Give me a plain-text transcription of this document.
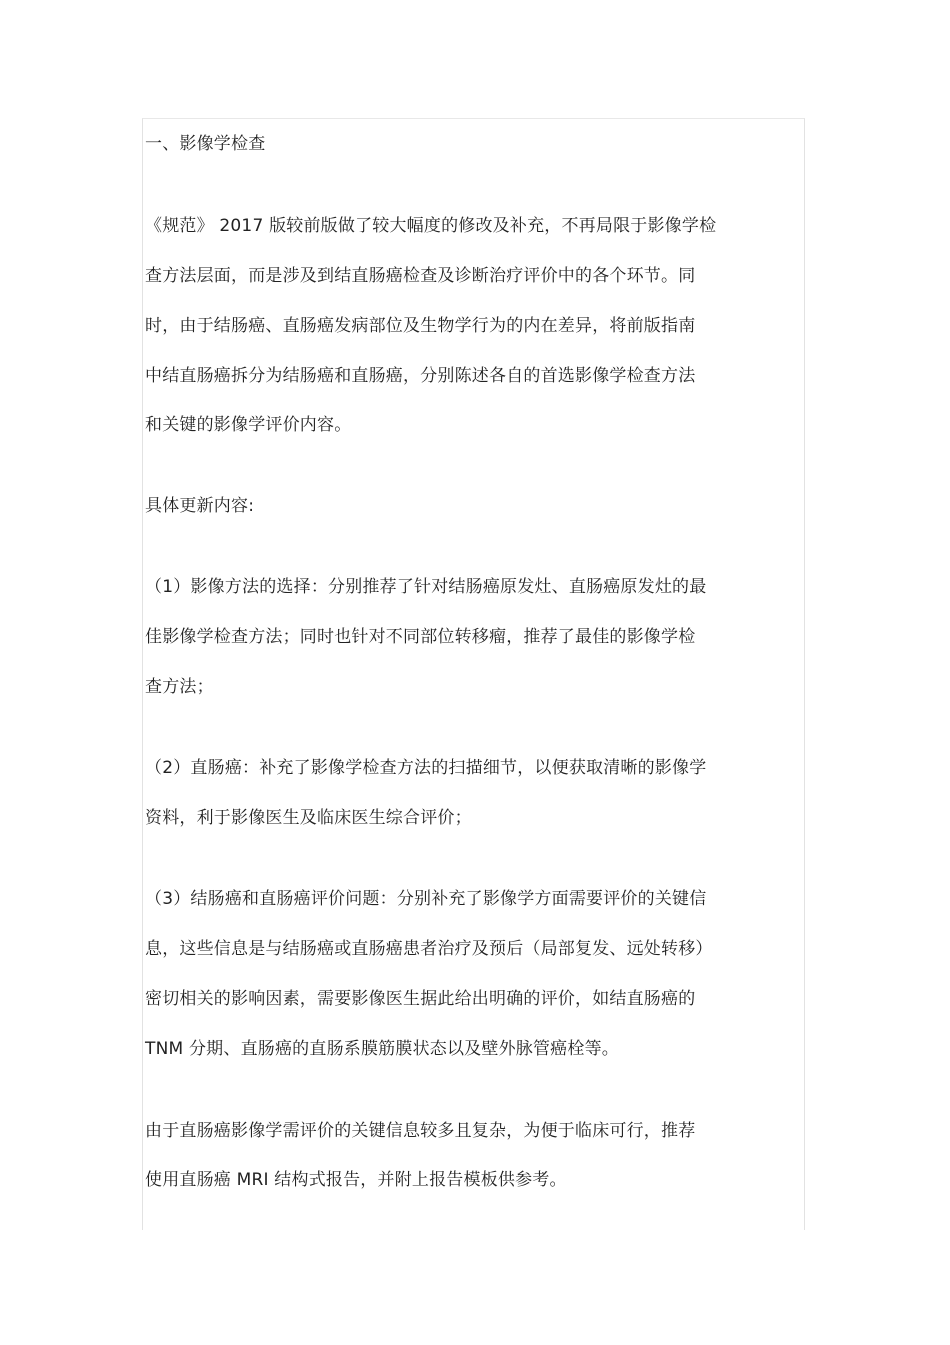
一、影像学检查
《规范》 2017 版较前版做了较大幅度的修改及补充，不再局限于影像学检
查方法层面，而是涉及到结直肠癌检查及诊断治疗评价中的各个环节。同
时，由于结肠癌、直肠癌发病部位及生物学行为的内在差异，将前版指南
中结直肠癌拆分为结肠癌和直肠癌，分别陈述各自的首选影像学检查方法
和关键的影像学评价内容。
具体更新内容:
（1）影像方法的选择：分别推荐了针对结肠癌原发灶、直肠癌原发灶的最
佳影像学检查方法；同时也针对不同部位转移瘤，推荐了最佳的影像学检
查方法；
（2）直肠癌：补充了影像学检查方法的扫描细节，以便获取清晰的影像学
资料，利于影像医生及临床医生综合评价；
（3）结肠癌和直肠癌评价问题：分别补充了影像学方面需要评价的关键信
息，这些信息是与结肠癌或直肠癌患者治疗及预后（局部复发、远处转移）
密切相关的影响因素，需要影像医生据此给出明确的评价，如结直肠癌的
TNM 分期、直肠癌的直肠系膜筋膜状态以及壁外脉管癌栓等。
由于直肠癌影像学需评价的关键信息较多且复杂，为便于临床可行，推荐
使用直肠癌 MRI 结构式报告，并附上报告模板供参考。
